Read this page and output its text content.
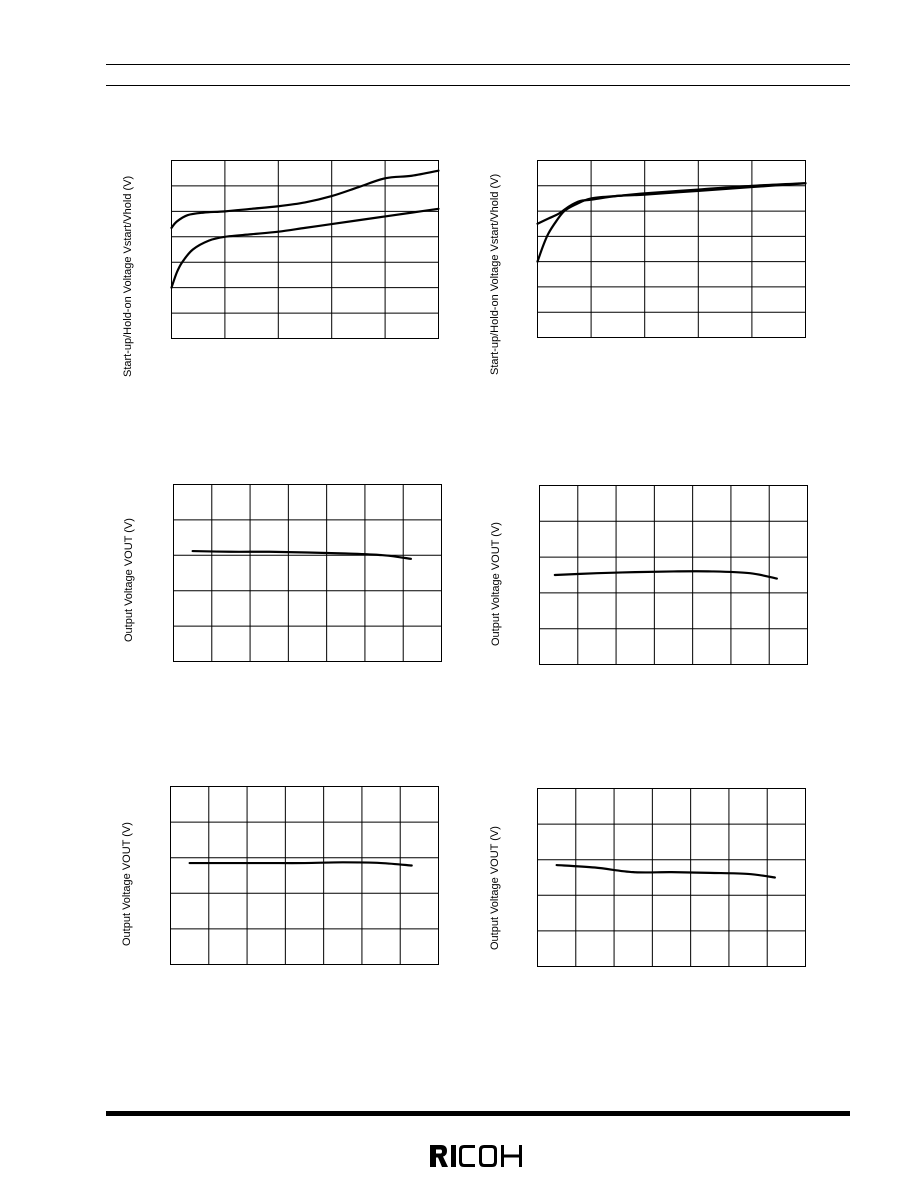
Start-up/Hold-on Voltage Vstart/Vhold (V)	Start-up/Hold-on Voltage Vstart/Vhold (V)
Output Voltage VOUT (V)	Output Voltage VOUT (V)
Output Voltage VOUT (V)	Output Voltage VOUT (V)
